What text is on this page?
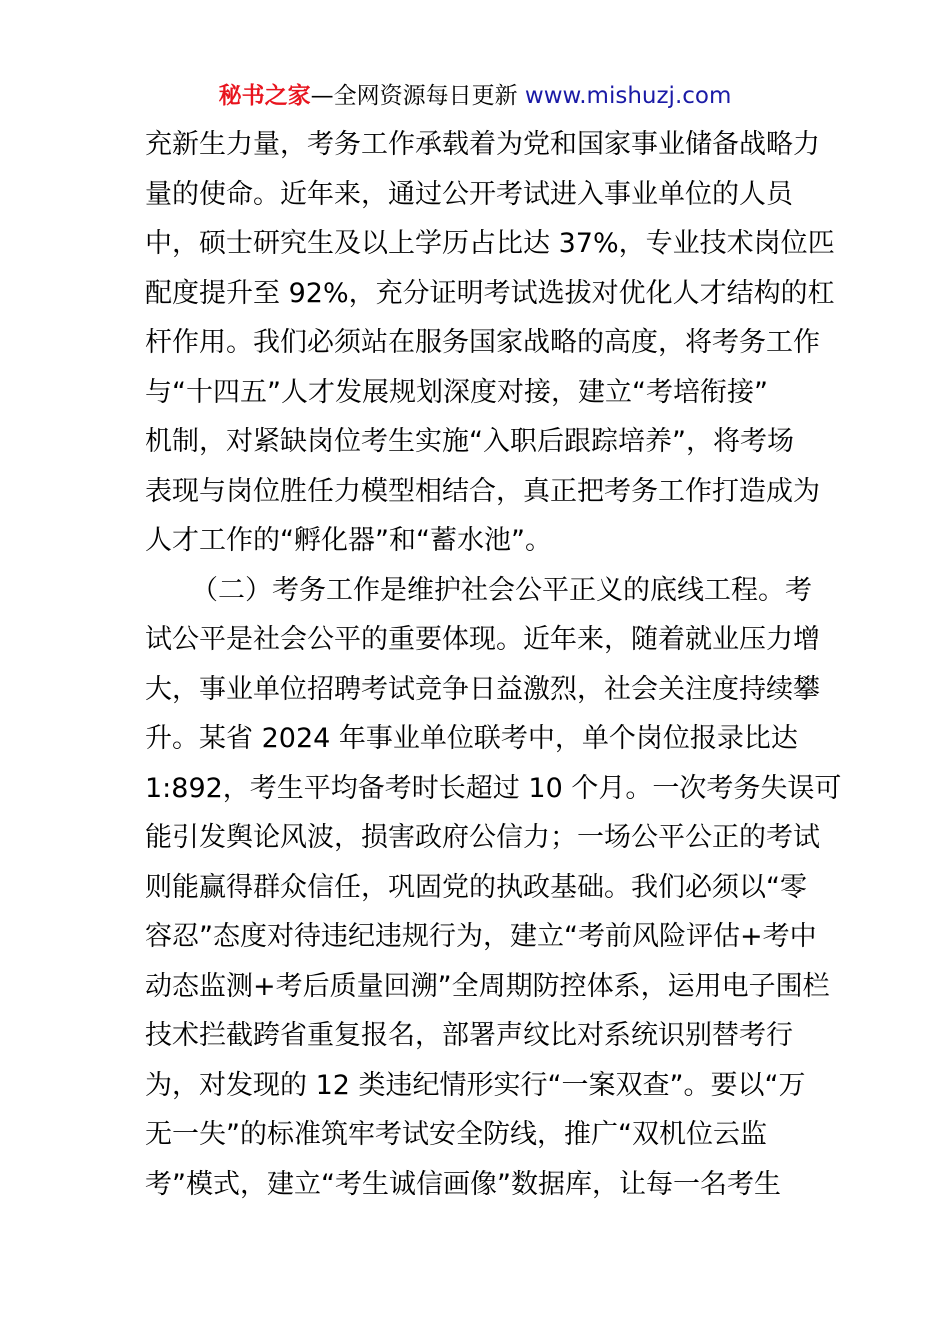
秘书之家—全网资源每日更新 www.mishuzj.com
充新生力量，考务工作承载着为党和国家事业储备战略力
量的使命。近年来，通过公开考试进入事业单位的人员
中，硕士研究生及以上学历占比达 37%，专业技术岗位匹
配度提升至 92%，充分证明考试选拔对优化人才结构的杠
杆作用。我们必须站在服务国家战略的高度，将考务工作
与“十四五”人才发展规划深度对接，建立“考培衔接”
机制，对紧缺岗位考生实施“入职后跟踪培养”，将考场
表现与岗位胜任力模型相结合，真正把考务工作打造成为
人才工作的“孵化器”和“蓄水池”。
（二）考务工作是维护社会公平正义的底线工程。考
试公平是社会公平的重要体现。近年来，随着就业压力增
大，事业单位招聘考试竞争日益激烈，社会关注度持续攀
升。某省 2024 年事业单位联考中，单个岗位报录比达
1:892，考生平均备考时长超过 10 个月。一次考务失误可
能引发舆论风波，损害政府公信力；一场公平公正的考试
则能赢得群众信任，巩固党的执政基础。我们必须以“零
容忍”态度对待违纪违规行为，建立“考前风险评估+考中
动态监测+考后质量回溯”全周期防控体系，运用电子围栏
技术拦截跨省重复报名，部署声纹比对系统识别替考行
为，对发现的 12 类违纪情形实行“一案双查”。要以“万
无一失”的标准筑牢考试安全防线，推广“双机位云监
考”模式，建立“考生诚信画像”数据库，让每一名考生
